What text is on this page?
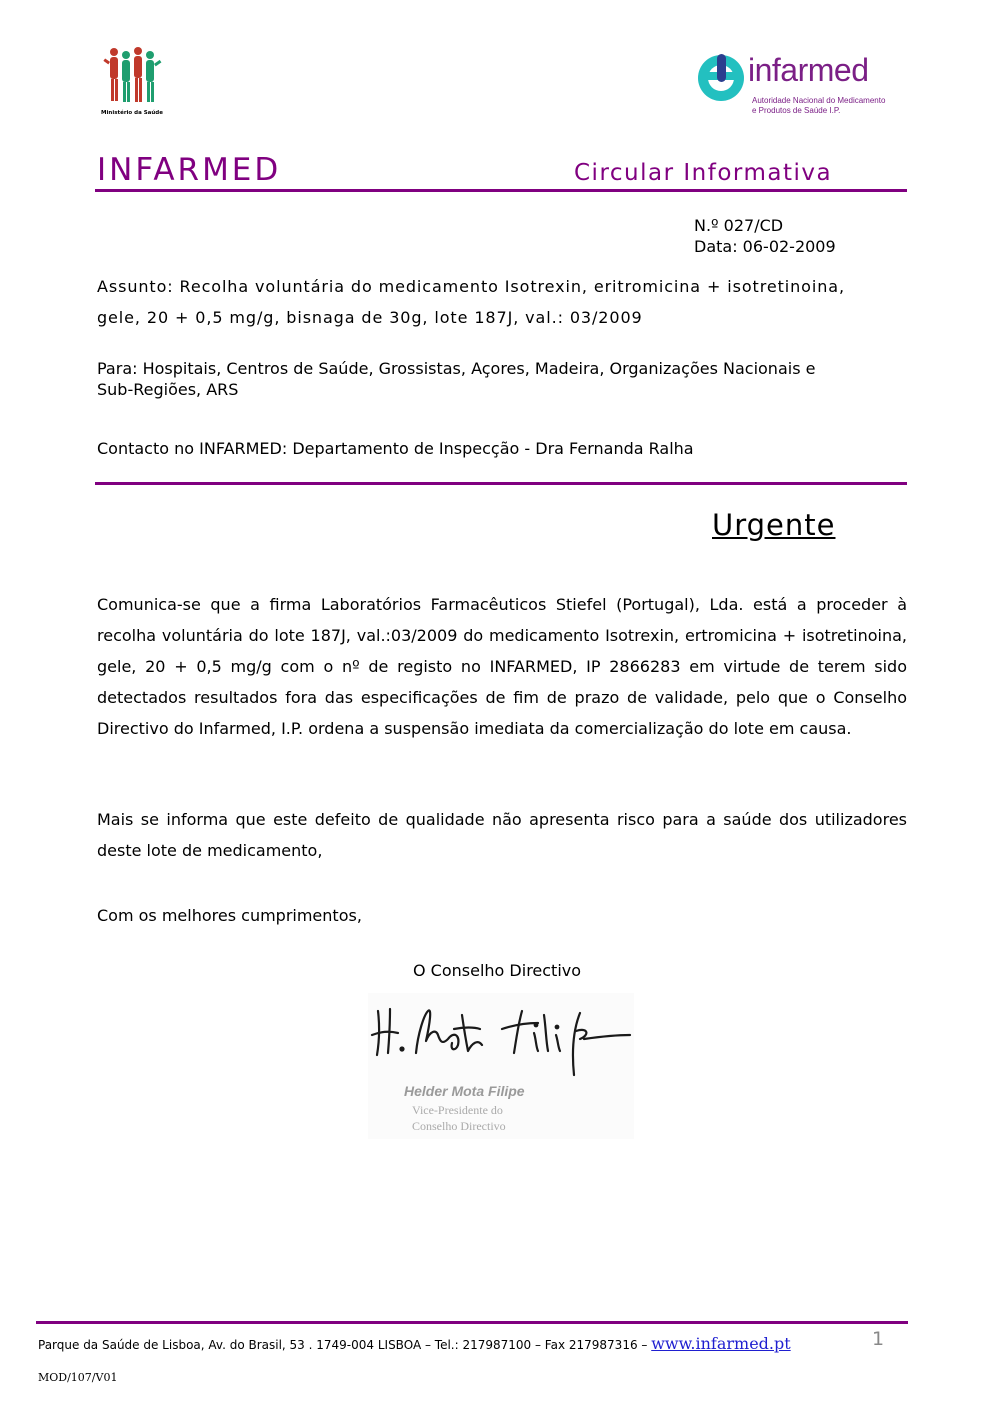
Ministério da Saúde
infarmed
Autoridade Nacional do Medicamento
e Produtos de Saúde I.P.
INFARMED	Circular Informativa
N.º 027/CD
Data: 06-02-2009
Assunto: Recolha voluntária do medicamento Isotrexin, eritromicina + isotretinoina,
gele, 20 + 0,5 mg/g, bisnaga de 30g, lote 187J, val.: 03/2009
Para: Hospitais, Centros de Saúde, Grossistas, Açores, Madeira, Organizações Nacionais e
Sub-Regiões, ARS
Contacto no INFARMED: Departamento de Inspecção - Dra Fernanda Ralha
Urgente
Comunica-se que a firma Laboratórios Farmacêuticos Stiefel (Portugal), Lda. está a proceder à recolha voluntária do lote 187J, val.:03/2009 do medicamento Isotrexin, ertromicina + isotretinoina, gele, 20 + 0,5 mg/g com o nº de registo no INFARMED, IP 2866283 em virtude de terem sido detectados resultados fora das especificações de fim de prazo de validade, pelo que o Conselho Directivo do Infarmed, I.P. ordena a suspensão imediata da comercialização do lote em causa.
Mais se informa que este defeito de qualidade não apresenta risco para a saúde dos utilizadores deste lote de medicamento,
Com os melhores cumprimentos,
O Conselho Directivo
Helder Mota Filipe
Vice-Presidente do
Conselho Directivo
Parque da Saúde de Lisboa, Av. do Brasil, 53 . 1749-004 LISBOA – Tel.: 217987100 – Fax 217987316 – www.infarmed.pt	1
MOD/107/V01
